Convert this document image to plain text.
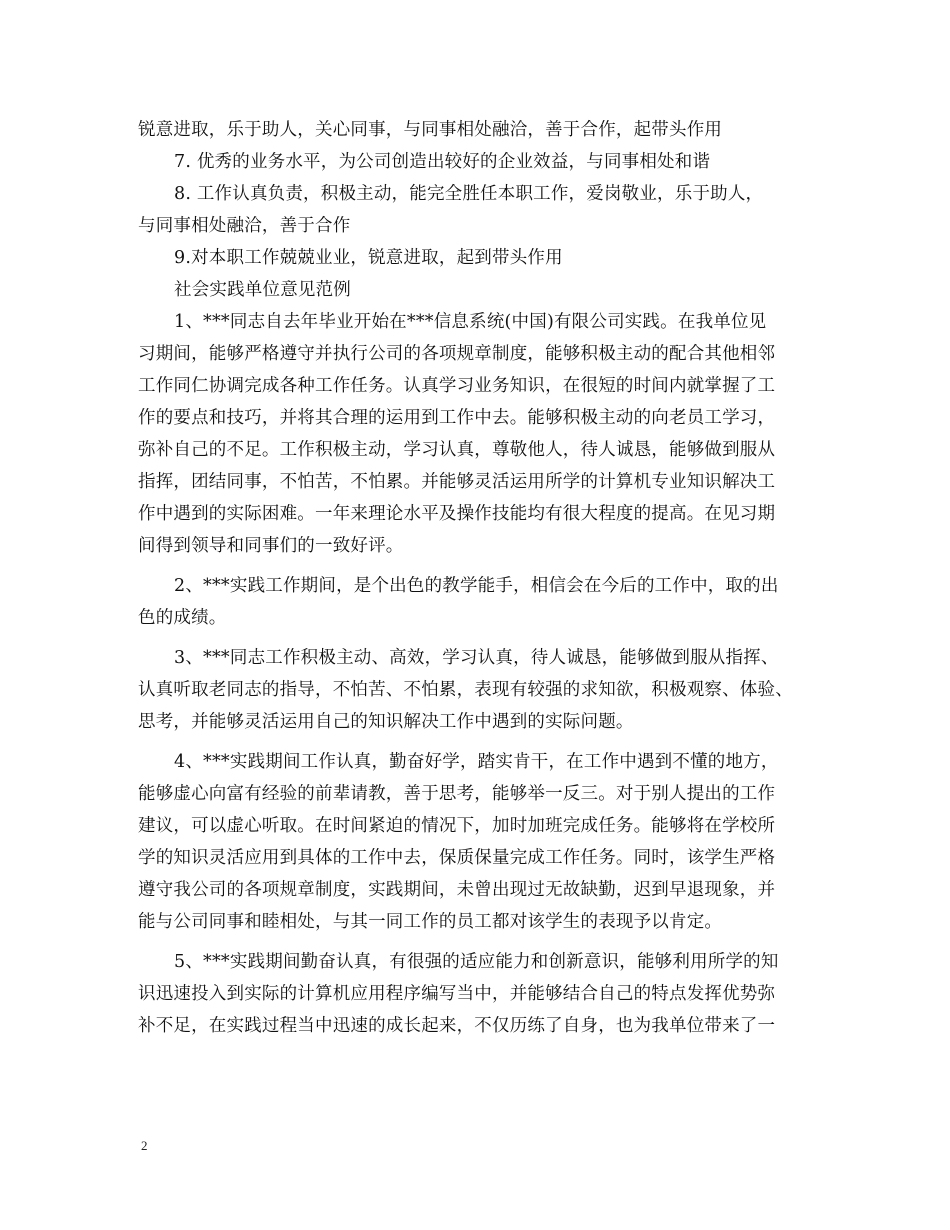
锐意进取，乐于助人，关心同事，与同事相处融洽，善于合作，起带头作用
7. 优秀的业务水平，为公司创造出较好的企业效益，与同事相处和谐
8. 工作认真负责，积极主动，能完全胜任本职工作，爱岗敬业，乐于助人，
与同事相处融洽，善于合作
9.对本职工作兢兢业业，锐意进取，起到带头作用
社会实践单位意见范例
1、***同志自去年毕业开始在***信息系统(中国)有限公司实践。在我单位见
习期间，能够严格遵守并执行公司的各项规章制度，能够积极主动的配合其他相邻
工作同仁协调完成各种工作任务。认真学习业务知识，在很短的时间内就掌握了工
作的要点和技巧，并将其合理的运用到工作中去。能够积极主动的向老员工学习，
弥补自己的不足。工作积极主动，学习认真，尊敬他人，待人诚恳，能够做到服从
指挥，团结同事，不怕苦，不怕累。并能够灵活运用所学的计算机专业知识解决工
作中遇到的实际困难。一年来理论水平及操作技能均有很大程度的提高。在见习期
间得到领导和同事们的一致好评。
2、***实践工作期间，是个出色的教学能手，相信会在今后的工作中，取的出
色的成绩。
3、***同志工作积极主动、高效，学习认真，待人诚恳，能够做到服从指挥、
认真听取老同志的指导，不怕苦、不怕累，表现有较强的求知欲，积极观察、体验、
思考，并能够灵活运用自己的知识解决工作中遇到的实际问题。
4、***实践期间工作认真，勤奋好学，踏实肯干，在工作中遇到不懂的地方，
能够虚心向富有经验的前辈请教，善于思考，能够举一反三。对于别人提出的工作
建议，可以虚心听取。在时间紧迫的情况下，加时加班完成任务。能够将在学校所
学的知识灵活应用到具体的工作中去，保质保量完成工作任务。同时，该学生严格
遵守我公司的各项规章制度，实践期间，未曾出现过无故缺勤，迟到早退现象，并
能与公司同事和睦相处，与其一同工作的员工都对该学生的表现予以肯定。
5、***实践期间勤奋认真，有很强的适应能力和创新意识，能够利用所学的知
识迅速投入到实际的计算机应用程序编写当中，并能够结合自己的特点发挥优势弥
补不足，在实践过程当中迅速的成长起来，不仅历练了自身，也为我单位带来了一
2
